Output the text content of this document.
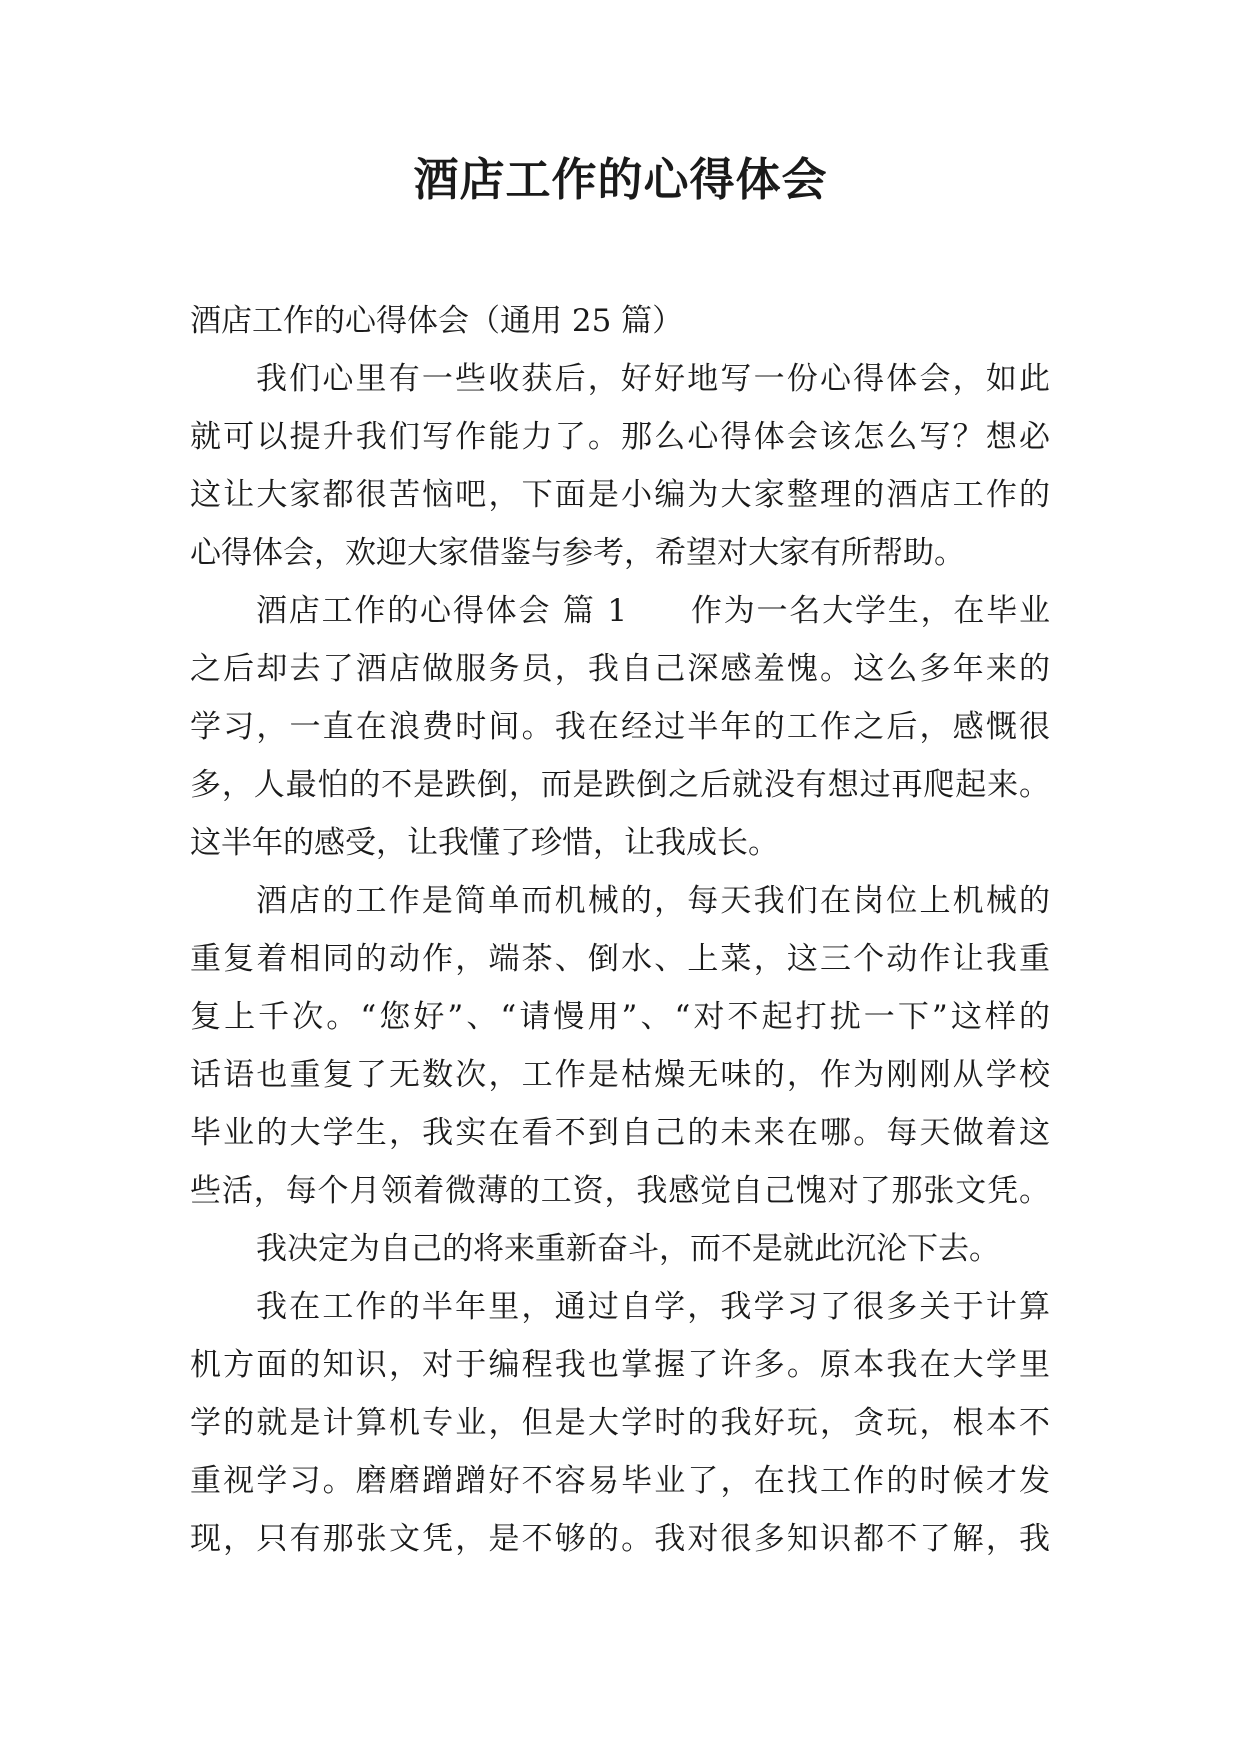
酒店工作的心得体会
酒店工作的心得体会（通用 25 篇）
我们心里有一些收获后，好好地写一份心得体会，如此
就可以提升我们写作能力了。那么心得体会该怎么写？想必
这让大家都很苦恼吧，下面是小编为大家整理的酒店工作的
心得体会，欢迎大家借鉴与参考，希望对大家有所帮助。
酒店工作的心得体会 篇 1 作为一名大学生，在毕业
之后却去了酒店做服务员，我自己深感羞愧。这么多年来的
学习，一直在浪费时间。我在经过半年的工作之后，感慨很
多，人最怕的不是跌倒，而是跌倒之后就没有想过再爬起来。
这半年的感受，让我懂了珍惜，让我成长。
酒店的工作是简单而机械的，每天我们在岗位上机械的
重复着相同的动作，端茶、倒水、上菜，这三个动作让我重
复上千次。“您好”、“请慢用”、“对不起打扰一下”这样的
话语也重复了无数次，工作是枯燥无味的，作为刚刚从学校
毕业的大学生，我实在看不到自己的未来在哪。每天做着这
些活，每个月领着微薄的工资，我感觉自己愧对了那张文凭。
我决定为自己的将来重新奋斗，而不是就此沉沦下去。
我在工作的半年里，通过自学，我学习了很多关于计算
机方面的知识，对于编程我也掌握了许多。原本我在大学里
学的就是计算机专业，但是大学时的我好玩，贪玩，根本不
重视学习。磨磨蹭蹭好不容易毕业了，在找工作的时候才发
现，只有那张文凭，是不够的。我对很多知识都不了解，我
